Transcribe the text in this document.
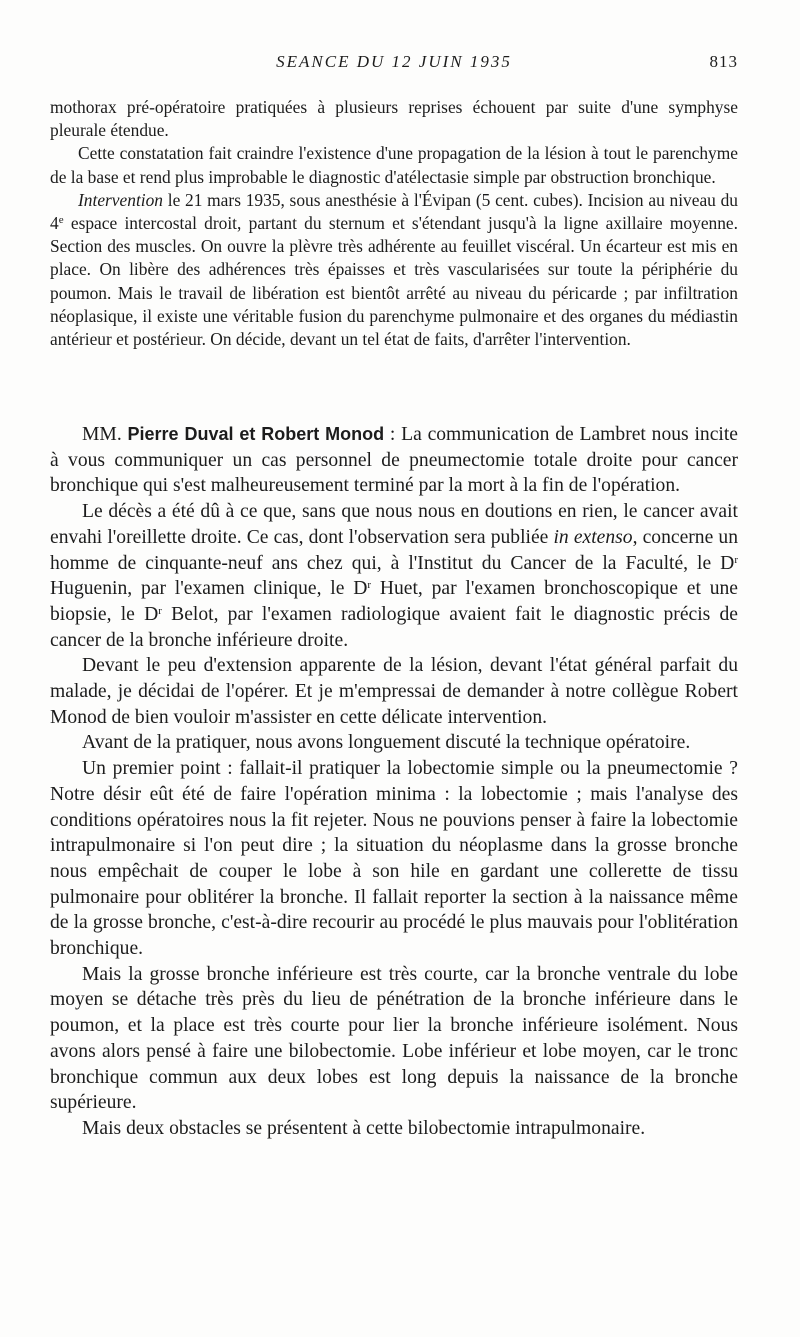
SEANCE DU 12 JUIN 1935	813

mothorax pré-opératoire pratiquées à plusieurs reprises échouent par suite d'une symphyse pleurale étendue.

Cette constatation fait craindre l'existence d'une propagation de la lésion à tout le parenchyme de la base et rend plus improbable le diagnostic d'atélectasie simple par obstruction bronchique.

Intervention le 21 mars 1935, sous anesthésie à l'Évipan (5 cent. cubes). Incision au niveau du 4e espace intercostal droit, partant du sternum et s'étendant jusqu'à la ligne axillaire moyenne. Section des muscles. On ouvre la plèvre très adhérente au feuillet viscéral. Un écarteur est mis en place. On libère des adhérences très épaisses et très vascularisées sur toute la périphérie du poumon. Mais le travail de libération est bientôt arrêté au niveau du péricarde ; par infiltration néoplasique, il existe une véritable fusion du parenchyme pulmonaire et des organes du médiastin antérieur et postérieur. On décide, devant un tel état de faits, d'arrêter l'intervention.

MM. Pierre Duval et Robert Monod : La communication de Lambret nous incite à vous communiquer un cas personnel de pneumectomie totale droite pour cancer bronchique qui s'est malheureusement terminé par la mort à la fin de l'opération.

Le décès a été dû à ce que, sans que nous nous en doutions en rien, le cancer avait envahi l'oreillette droite. Ce cas, dont l'observation sera publiée in extenso, concerne un homme de cinquante-neuf ans chez qui, à l'Institut du Cancer de la Faculté, le $D^r$ Huguenin, par l'examen clinique, le $D^r$ Huet, par l'examen bronchoscopique et une biopsie, le $D^r$ Belot, par l'examen radiologique avaient fait le diagnostic précis de cancer de la bronche inférieure droite.

Devant le peu d'extension apparente de la lésion, devant l'état général parfait du malade, je décidai de l'opérer. Et je m'empressai de demander à notre collègue Robert Monod de bien vouloir m'assister en cette délicate intervention.

Avant de la pratiquer, nous avons longuement discuté la technique opératoire.

Un premier point : fallait-il pratiquer la lobectomie simple ou la pneumectomie ? Notre désir eût été de faire l'opération minima : la lobectomie ; mais l'analyse des conditions opératoires nous la fit rejeter. Nous ne pouvions penser à faire la lobectomie intrapulmonaire si l'on peut dire ; la situation du néoplasme dans la grosse bronche nous empêchait de couper le lobe à son hile en gardant une collerette de tissu pulmonaire pour oblitérer la bronche. Il fallait reporter la section à la naissance même de la grosse bronche, c'est-à-dire recourir au procédé le plus mauvais pour l'oblitération bronchique.

Mais la grosse bronche inférieure est très courte, car la bronche ventrale du lobe moyen se détache très près du lieu de pénétration de la bronche inférieure dans le poumon, et la place est très courte pour lier la bronche inférieure isolément. Nous avons alors pensé à faire une bilobectomie. Lobe inférieur et lobe moyen, car le tronc bronchique commun aux deux lobes est long depuis la naissance de la bronche supérieure.

Mais deux obstacles se présentent à cette bilobectomie intrapulmonaire.
